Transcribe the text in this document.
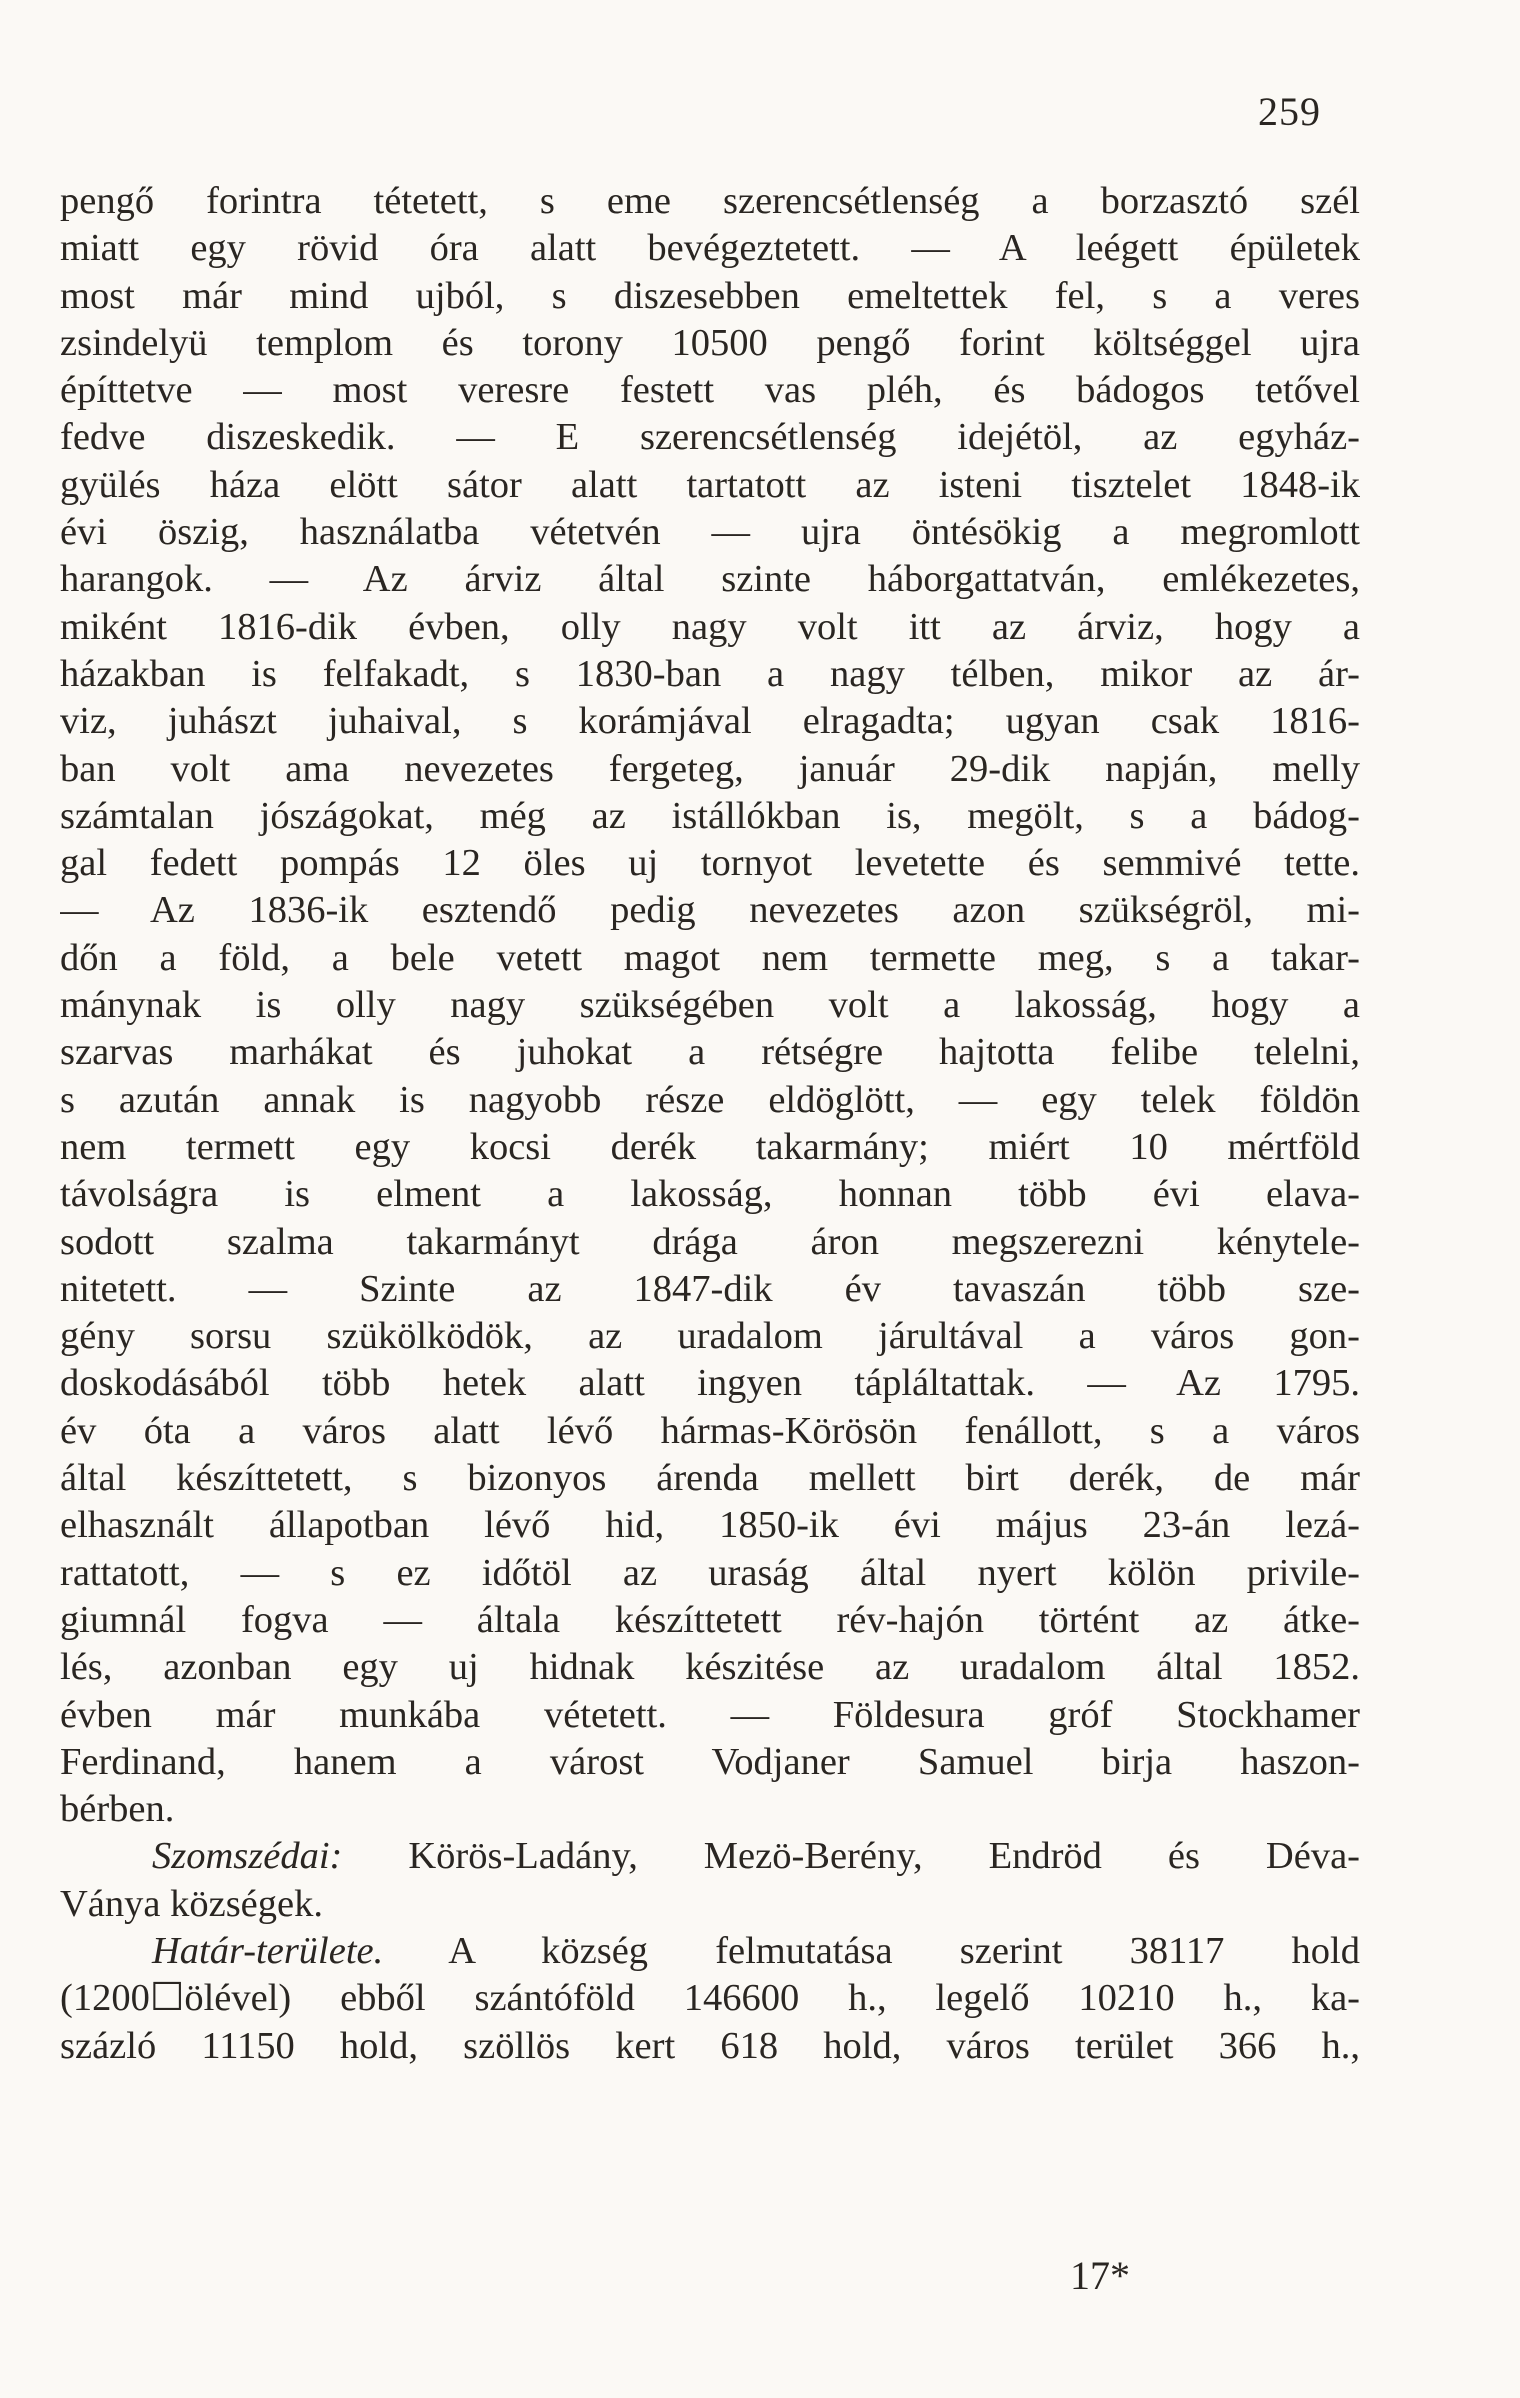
259
pengő forintra tétetett, s eme szerencsétlenség a borzasztó szél
miatt egy rövid óra alatt bevégeztetett. — A leégett épületek
most már mind ujból, s diszesebben emeltettek fel, s a veres
zsindelyü templom és torony 10500 pengő forint költséggel ujra
építtetve — most veresre festett vas pléh, és bádogos tetővel
fedve diszeskedik. — E szerencsétlenség idejétöl, az egyház-
gyülés háza elött sátor alatt tartatott az isteni tisztelet 1848-ik
évi öszig, használatba vétetvén — ujra öntésökig a megromlott
harangok. — Az árviz által szinte háborgattatván, emlékezetes,
miként 1816-dik évben, olly nagy volt itt az árviz, hogy a
házakban is felfakadt, s 1830-ban a nagy télben, mikor az ár-
viz, juhászt juhaival, s korámjával elragadta; ugyan csak 1816-
ban volt ama nevezetes fergeteg, január 29-dik napján, melly
számtalan jószágokat, még az istállókban is, megölt, s a bádog-
gal fedett pompás 12 öles uj tornyot levetette és semmivé tette.
— Az 1836-ik esztendő pedig nevezetes azon szükségröl, mi-
dőn a föld, a bele vetett magot nem termette meg, s a takar-
mánynak is olly nagy szükségében volt a lakosság, hogy a
szarvas marhákat és juhokat a rétségre hajtotta felibe telelni,
s azután annak is nagyobb része eldöglött, — egy telek földön
nem termett egy kocsi derék takarmány; miért 10 mértföld
távolságra is elment a lakosság, honnan több évi elava-
sodott szalma takarmányt drága áron megszerezni kénytele-
nitetett. — Szinte az 1847-dik év tavaszán több sze-
gény sorsu szükölködök, az uradalom járultával a város gon-
doskodásából több hetek alatt ingyen tápláltattak. — Az 1795.
év óta a város alatt lévő hármas-Körösön fenállott, s a város
által készíttetett, s bizonyos árenda mellett birt derék, de már
elhasznált állapotban lévő hid, 1850-ik évi május 23-án lezá-
rattatott, — s ez időtöl az uraság által nyert kölön privile-
giumnál fogva — általa készíttetett rév-hajón történt az átke-
lés, azonban egy uj hidnak készitése az uradalom által 1852.
évben már munkába vétetett. — Földesura gróf Stockhamer
Ferdinand, hanem a várost Vodjaner Samuel birja haszon-
bérben.
Szomszédai: Körös-Ladány, Mezö-Berény, Endröd és Déva-
Ványa községek.
Határ-területe. A község felmutatása szerint 38117 hold
(1200☐ölével) ebből szántóföld 146600 h., legelő 10210 h., ka-
százló 11150 hold, szöllös kert 618 hold, város terület 366 h.,
17*
